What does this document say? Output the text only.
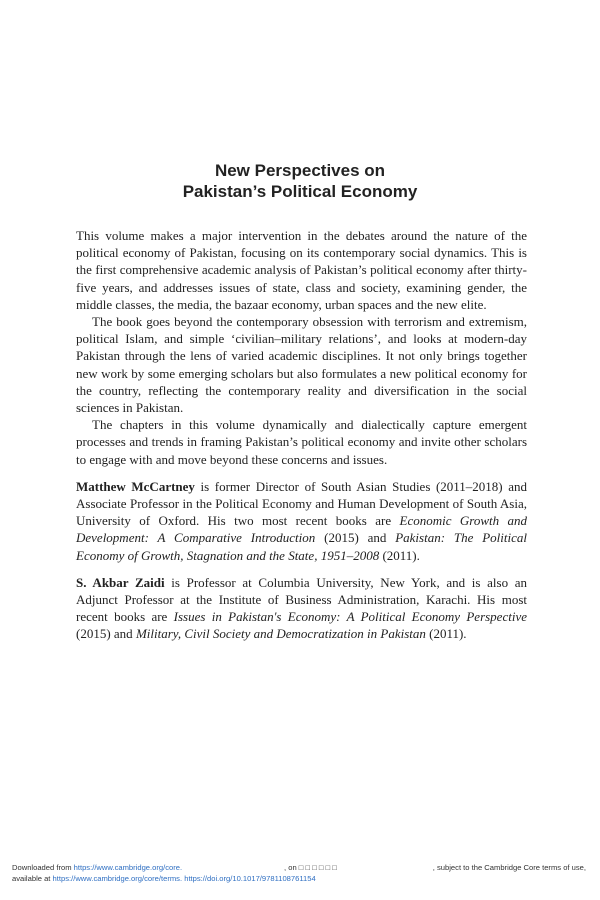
New Perspectives on
Pakistan’s Political Economy

This volume makes a major intervention in the debates around the nature of the political economy of Pakistan, focusing on its contemporary social dynamics. This is the first comprehensive academic analysis of Pakistan’s political economy after thirty-five years, and addresses issues of state, class and society, examining gender, the middle classes, the media, the bazaar economy, urban spaces and the new elite.

The book goes beyond the contemporary obsession with terrorism and extremism, political Islam, and simple ‘civilian–military relations’, and looks at modern-day Pakistan through the lens of varied academic disciplines. It not only brings together new work by some emerging scholars but also formulates a new political economy for the country, reflecting the contemporary reality and diversification in the social sciences in Pakistan.

The chapters in this volume dynamically and dialectically capture emergent processes and trends in framing Pakistan’s political economy and invite other scholars to engage with and move beyond these concerns and issues.

Matthew McCartney is former Director of South Asian Studies (2011–2018) and Associate Professor in the Political Economy and Human Development of South Asia, University of Oxford. His two most recent books are Economic Growth and Development: A Comparative Introduction (2015) and Pakistan: The Political Economy of Growth, Stagnation and the State, 1951–2008 (2011).

S. Akbar Zaidi is Professor at Columbia University, New York, and is also an Adjunct Professor at the Institute of Business Administration, Karachi. His most recent books are Issues in Pakistan's Economy: A Political Economy Perspective (2015) and Military, Civil Society and Democratization in Pakistan (2011).

Downloaded from https://www.cambridge.org/core.	, on □ □ □ □ □ □	, subject to the Cambridge Core terms of use,
available at https://www.cambridge.org/core/terms. https://doi.org/10.1017/9781108761154
